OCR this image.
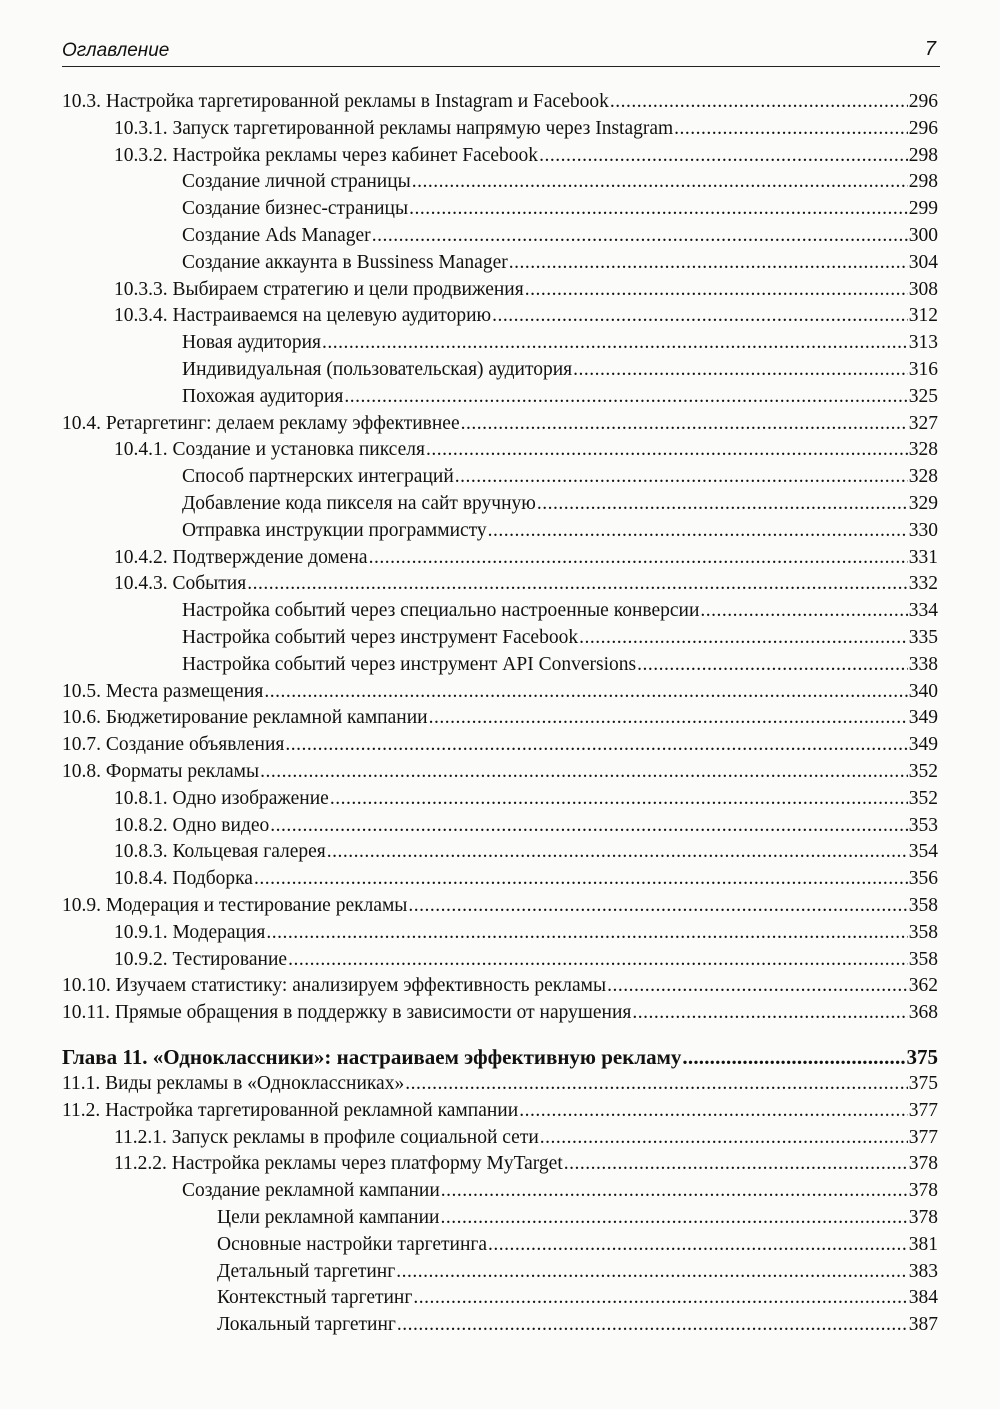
Оглавление	7
10.3. Настройка таргетированной рекламы в Instagram и Facebook .....	296
10.3.1. Запуск таргетированной рекламы напрямую через Instagram .....	296
10.3.2. Настройка рекламы через кабинет Facebook .....	298
Создание личной страницы .....	298
Создание бизнес-страницы .....	299
Создание Ads Manager .....	300
Создание аккаунта в Bussiness Manager .....	304
10.3.3. Выбираем стратегию и цели продвижения .....	308
10.3.4. Настраиваемся на целевую аудиторию .....	312
Новая аудитория .....	313
Индивидуальная (пользовательская) аудитория .....	316
Похожая аудитория .....	325
10.4. Ретаргетинг: делаем рекламу эффективнее .....	327
10.4.1. Создание и установка пикселя .....	328
Способ партнерских интеграций .....	328
Добавление кода пикселя на сайт вручную .....	329
Отправка инструкции программисту .....	330
10.4.2. Подтверждение домена .....	331
10.4.3. События .....	332
Настройка событий через специально настроенные конверсии .....	334
Настройка событий через инструмент Facebook .....	335
Настройка событий через инструмент API Conversions .....	338
10.5. Места размещения .....	340
10.6. Бюджетирование рекламной кампании .....	349
10.7. Создание объявления .....	349
10.8. Форматы рекламы .....	352
10.8.1. Одно изображение .....	352
10.8.2. Одно видео .....	353
10.8.3. Кольцевая галерея .....	354
10.8.4. Подборка .....	356
10.9. Модерация и тестирование рекламы .....	358
10.9.1. Модерация .....	358
10.9.2. Тестирование .....	358
10.10. Изучаем статистику: анализируем эффективность рекламы .....	362
10.11. Прямые обращения в поддержку в зависимости от нарушения .....	368
Глава 11. «Одноклассники»: настраиваем эффективную рекламу .....	375
11.1. Виды рекламы в «Одноклассниках» .....	375
11.2. Настройка таргетированной рекламной кампании .....	377
11.2.1. Запуск рекламы в профиле социальной сети .....	377
11.2.2. Настройка рекламы через платформу MyTarget .....	378
Создание рекламной кампании .....	378
Цели рекламной кампании .....	378
Основные настройки таргетинга .....	381
Детальный таргетинг .....	383
Контекстный таргетинг .....	384
Локальный таргетинг .....	387
